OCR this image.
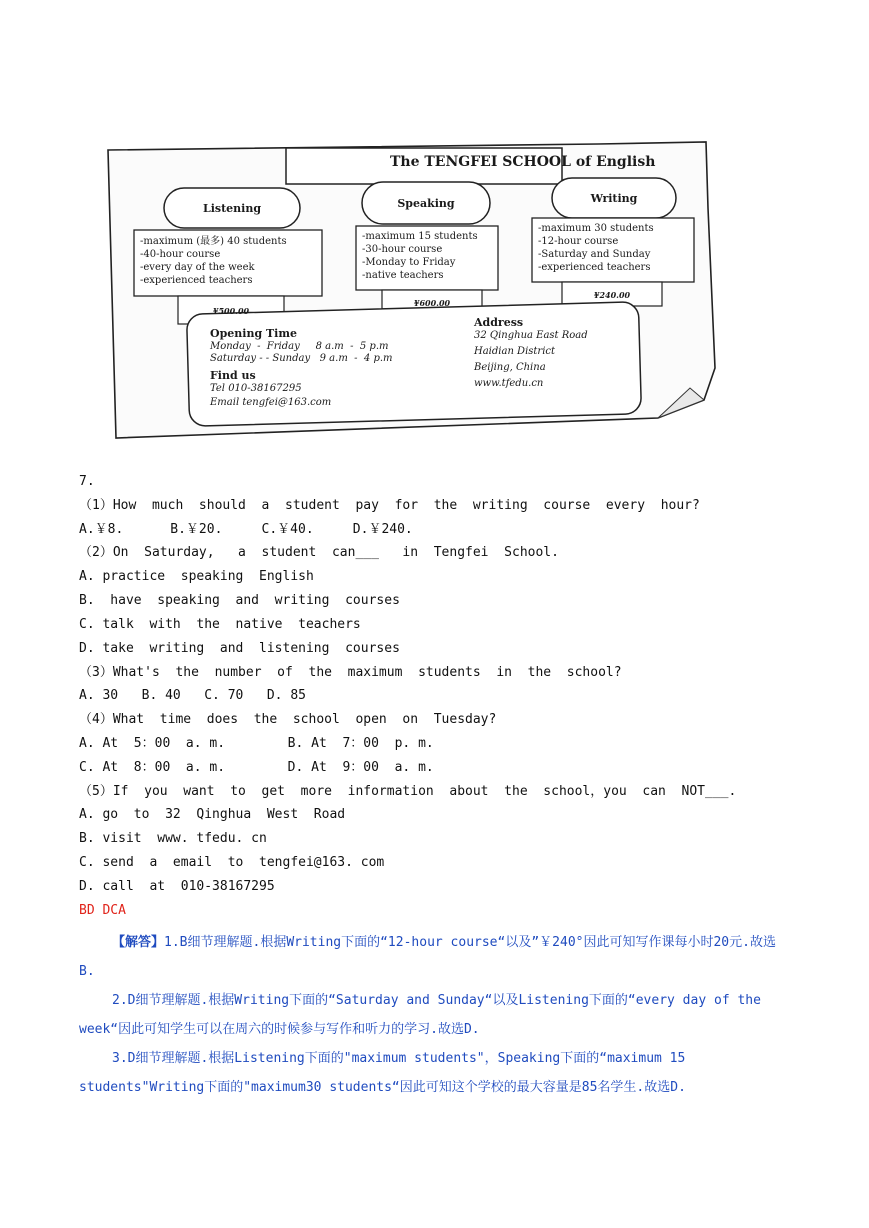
The TENGFEI SCHOOL of English
Listening	Speaking	Writing
-maximum (最多) 40 students
-40-hour course
-every day of the week
-experienced teachers
-maximum 15 students
-30-hour course
-Monday to Friday
-native teachers
-maximum 30 students
-12-hour course
-Saturday and Sunday
-experienced teachers
¥500.00
¥600.00
¥240.00
Opening Time
Monday  -  Friday     8 a.m  -  5 p.m
Saturday - - Sunday   9 a.m  -  4 p.m
Find us
Tel 010-38167295
Email tengfei@163.com
Address
32 Qinghua East Road
Haidian District
Beijing, China
www.tfedu.cn
7.
（1）How  much  should  a  student  pay  for  the  writing  course  every  hour?
A.￥8.      B.￥20.     C.￥40.     D.￥240.
（2）On  Saturday,   a  student  can___   in  Tengfei  School.
A. practice  speaking  English
B.  have  speaking  and  writing  courses
C. talk  with  the  native  teachers
D. take  writing  and  listening  courses
（3）What's  the  number  of  the  maximum  students  in  the  school?
A. 30   B. 40   C. 70   D. 85
（4）What  time  does  the  school  open  on  Tuesday?
A. At  5：00  a. m.        B. At  7：00  p. m.
C. At  8：00  a. m.        D. At  9：00  a. m.
（5）If  you  want  to  get  more  information  about  the  school，you  can  NOT___.
A. go  to  32  Qinghua  West  Road
B. visit  www. tfedu. cn
C. send  a  email  to  tengfei@163. com
D. call  at  010-38167295
BD DCA
【解答】1.B细节理解题.根据Writing下面的“12-hour course“以及”￥240°因此可知写作课每小时20元.故选B.
2.D细节理解题.根据Writing下面的“Saturday and Sunday“以及Listening下面的“every day of the week“因此可知学生可以在周六的时候参与写作和听力的学习.故选D.
3.D细节理解题.根据Listening下面的"maximum students"，Speaking下面的“maximum 15 students"Writing下面的"maximum30 students“因此可知这个学校的最大容量是85名学生.故选D.
